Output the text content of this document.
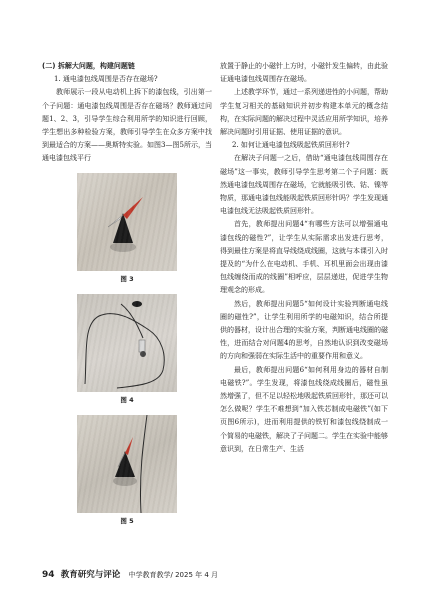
(二) 拆解大问题，构建问题链

1. 通电漆包线周围是否存在磁场?

教师展示一段从电动机上拆下的漆包线，引出第一个子问题：通电漆包线周围是否存在磁场？教师通过问题1、2、3，引导学生综合利用所学的知识进行回顾，学生想出多种检验方案，教师引导学生在众多方案中找到最适合的方案——奥斯特实验。如图3—图5所示，当通电漆包线平行

图 3
图 4
图 5

放置于静止的小磁针上方时，小磁针发生偏转，由此验证通电漆包线周围存在磁场。

上述教学环节，通过一系列递进性的小问题，帮助学生复习相关的基础知识并初步构建本单元的概念结构，在实际问题的解决过程中灵活应用所学知识，培养解决问题时引用证据、使用证据的意识。

2. 如何让通电漆包线吸起铁质回形针?

在解决子问题一之后，借助“通电漆包线周围存在磁场”这一事实，教师引导学生思考第二个子问题：既然通电漆包线周围存在磁场，它就能吸引铁、钴、镍等物质，那通电漆包线能吸起铁质回形针吗？学生发现通电漆包线无法吸起铁质回形针。

首先，教师提出问题4“有哪些方法可以增强通电漆包线的磁性?”，让学生从实际需求出发进行思考，得到最佳方案是将直导线绕成线圈，这就与本课引入时提及的“为什么在电动机、手机、耳机里面会出现由漆包线缠绕而成的线圈”相呼应，层层递进，促进学生物理观念的形成。

然后，教师提出问题5“如何设计实验判断通电线圈的磁性?”，让学生利用所学的电磁知识，结合所提供的器材，设计出合理的实验方案，判断通电线圈的磁性，进而结合对问题4的思考，自然地认识到改变磁场的方向和强弱在实际生活中的重要作用和意义。

最后，教师提出问题6“如何利用身边的器材自制电磁铁?”。学生发现，将漆包线绕成线圈后，磁性虽然增强了，但不足以轻松地吸起铁质回形针，那还可以怎么做呢？学生不难想到“加入铁芯制成电磁铁”(如下页图6所示)，进而利用提供的铁钉和漆包线绕制成一个简易的电磁铁，解决了子问题二。学生在实验中能够意识到，在日常生产、生活

94 教育研究与评论 中学教育教学/ 2025 年 4 月
